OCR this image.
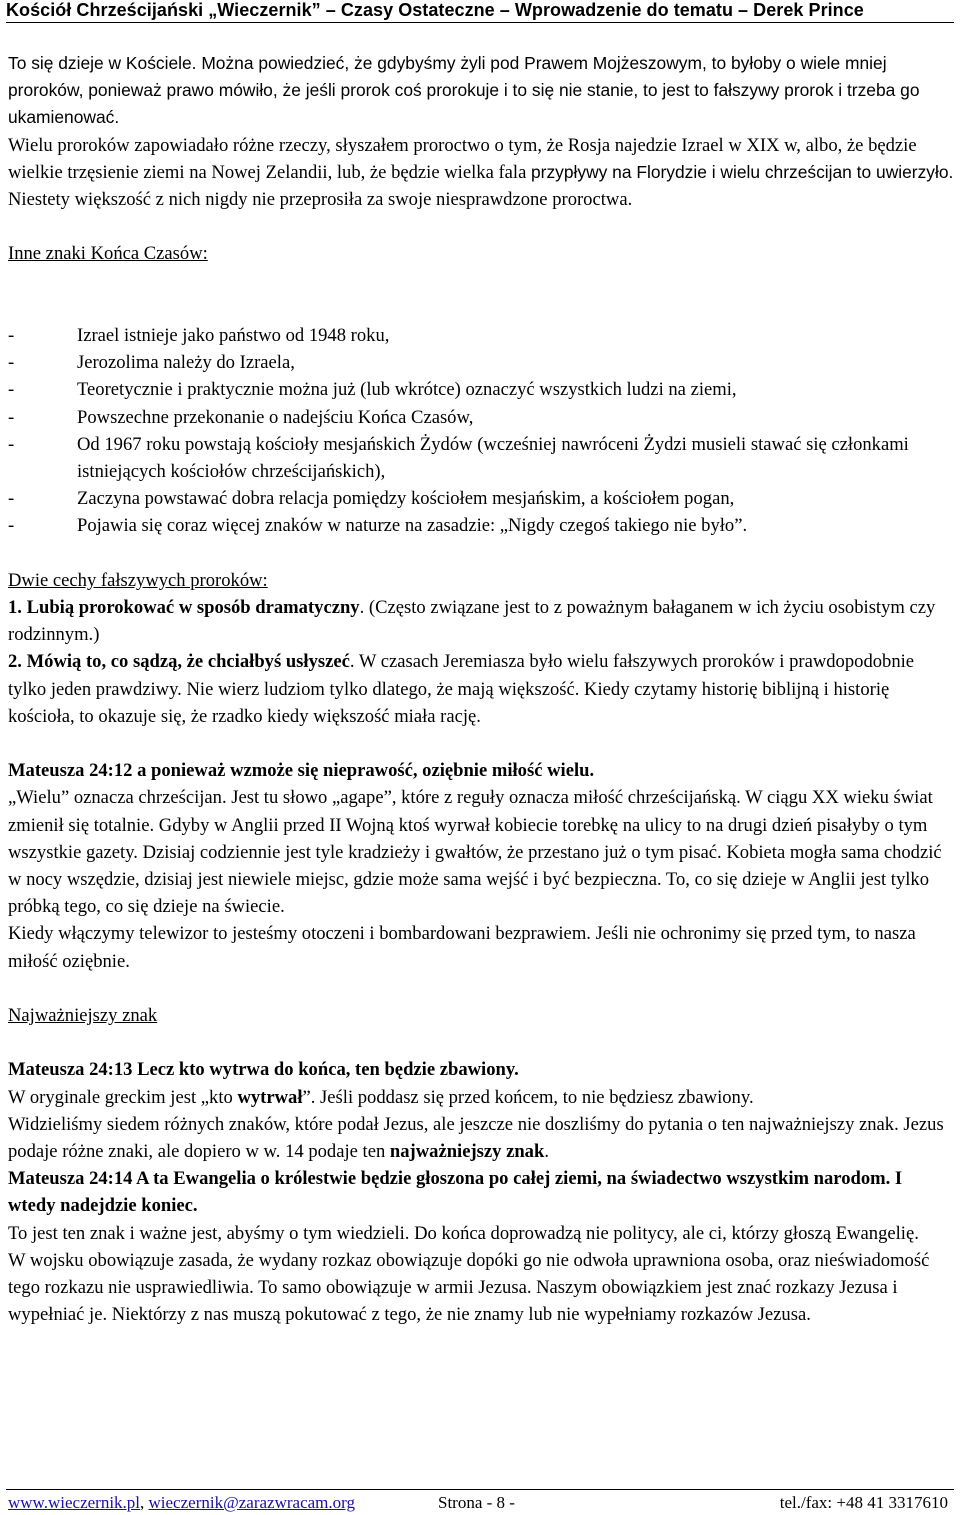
Kościół Chrześcijański „Wieczernik” – Czasy Ostateczne – Wprowadzenie do tematu – Derek Prince

To się dzieje w Kościele. Można powiedzieć, że gdybyśmy żyli pod Prawem Mojżeszowym, to byłoby o wiele mniej proroków, ponieważ prawo mówiło, że jeśli prorok coś prorokuje i to się nie stanie, to jest to fałszywy prorok i trzeba go ukamienować.

Wielu proroków zapowiadało różne rzeczy, słyszałem proroctwo o tym, że Rosja najedzie Izrael w XIX w, albo, że będzie wielkie trzęsienie ziemi na Nowej Zelandii, lub, że będzie wielka fala przypływy na Florydzie i wielu chrześcijan to uwierzyło. Niestety większość z nich nigdy nie przeprosiła za swoje niesprawdzone proroctwa.

Inne znaki Końca Czasów:

-	Izrael istnieje jako państwo od 1948 roku,
-	Jerozolima należy do Izraela,
-	Teoretycznie i praktycznie można już (lub wkrótce) oznaczyć wszystkich ludzi na ziemi,
-	Powszechne przekonanie o nadejściu Końca Czasów,
-	Od 1967 roku powstają kościoły mesjańskich Żydów (wcześniej nawróceni Żydzi musieli stawać się członkami istniejących kościołów chrześcijańskich),
-	Zaczyna powstawać dobra relacja pomiędzy kościołem mesjańskim, a kościołem pogan,
-	Pojawia się coraz więcej znaków w naturze na zasadzie: „Nigdy czegoś takiego nie było”.

Dwie cechy fałszywych proroków:

1. Lubią prorokować w sposób dramatyczny. (Często związane jest to z poważnym bałaganem w ich życiu osobistym czy rodzinnym.)

2. Mówią to, co sądzą, że chciałbyś usłyszeć. W czasach Jeremiasza było wielu fałszywych proroków i prawdopodobnie tylko jeden prawdziwy. Nie wierz ludziom tylko dlatego, że mają większość. Kiedy czytamy historię biblijną i historię kościoła, to okazuje się, że rzadko kiedy większość miała rację.

Mateusza 24:12 a ponieważ wzmoże się nieprawość, oziębnie miłość wielu.

„Wielu” oznacza chrześcijan. Jest tu słowo „agape”, które z reguły oznacza miłość chrześcijańską. W ciągu XX wieku świat zmienił się totalnie. Gdyby w Anglii przed II Wojną ktoś wyrwał kobiecie torebkę na ulicy to na drugi dzień pisałyby o tym wszystkie gazety. Dzisiaj codziennie jest tyle kradzieży i gwałtów, że przestano już o tym pisać. Kobieta mogła sama chodzić w nocy wszędzie, dzisiaj jest niewiele miejsc, gdzie może sama wejść i być bezpieczna. To, co się dzieje w Anglii jest tylko próbką tego, co się dzieje na świecie.

Kiedy włączymy telewizor to jesteśmy otoczeni i bombardowani bezprawiem. Jeśli nie ochronimy się przed tym, to nasza miłość oziębnie.

Najważniejszy znak

Mateusza 24:13 Lecz kto wytrwa do końca, ten będzie zbawiony.

W oryginale greckim jest „kto wytrwał”. Jeśli poddasz się przed końcem, to nie będziesz zbawiony.

Widzieliśmy siedem różnych znaków, które podał Jezus, ale jeszcze nie doszliśmy do pytania o ten najważniejszy znak. Jezus podaje różne znaki, ale dopiero w w. 14 podaje ten najważniejszy znak.

Mateusza 24:14 A ta Ewangelia o królestwie będzie głoszona po całej ziemi, na świadectwo wszystkim narodom. I wtedy nadejdzie koniec.

To jest ten znak i ważne jest, abyśmy o tym wiedzieli. Do końca doprowadzą nie politycy, ale ci, którzy głoszą Ewangelię.

W wojsku obowiązuje zasada, że wydany rozkaz obowiązuje dopóki go nie odwoła uprawniona osoba, oraz nieświadomość tego rozkazu nie usprawiedliwia. To samo obowiązuje w armii Jezusa. Naszym obowiązkiem jest znać rozkazy Jezusa i wypełniać je. Niektórzy z nas muszą pokutować z tego, że nie znamy lub nie wypełniamy rozkazów Jezusa.

www.wieczernik.pl, wieczernik@zarazwracam.org	Strona - 8 -	tel./fax: +48 41 3317610
